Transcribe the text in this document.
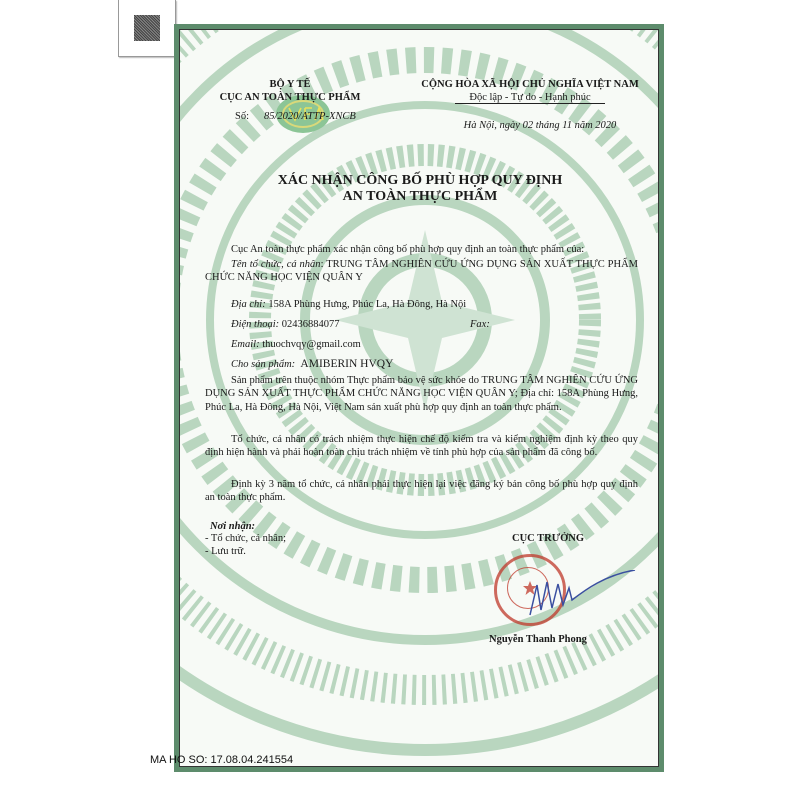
BỘ Y TẾ
CỤC AN TOÀN THỰC PHẨM
Số: 85/2020/ATTP-XNCB
CỘNG HÒA XÃ HỘI CHỦ NGHĨA VIỆT NAM
Độc lập - Tự do - Hạnh phúc
Hà Nội, ngày 02 tháng 11 năm 2020
XÁC NHẬN CÔNG BỐ PHÙ HỢP QUY ĐỊNH
AN TOÀN THỰC PHẨM
Cục An toàn thực phẩm xác nhận công bố phù hợp quy định an toàn thực phẩm của:
Tên tổ chức, cá nhân: TRUNG TÂM NGHIÊN CỨU ỨNG DỤNG SẢN XUẤT THỰC PHẨM CHỨC NĂNG HỌC VIỆN QUÂN Y
Địa chỉ: 158A Phùng Hưng, Phúc La, Hà Đông, Hà Nội
Điện thoại: 02436884077	Fax:
Email: thuochvqy@gmail.com
Cho sản phẩm: AMIBERIN HVQY
Sản phẩm trên thuộc nhóm Thực phẩm bảo vệ sức khỏe do TRUNG TÂM NGHIÊN CỨU ỨNG DỤNG SẢN XUẤT THỰC PHẨM CHỨC NĂNG HỌC VIỆN QUÂN Y; Địa chỉ: 158A Phùng Hưng, Phúc La, Hà Đông, Hà Nội, Việt Nam sản xuất phù hợp quy định an toàn thực phẩm.
Tổ chức, cá nhân có trách nhiệm thực hiện chế độ kiểm tra và kiểm nghiệm định kỳ theo quy định hiện hành và phải hoàn toàn chịu trách nhiệm về tính phù hợp của sản phẩm đã công bố.
Định kỳ 3 năm tổ chức, cá nhân phải thực hiện lại việc đăng ký bản công bố phù hợp quy định an toàn thực phẩm.
Nơi nhận:
- Tổ chức, cá nhân;
- Lưu trữ.
CỤC TRƯỞNG
Nguyễn Thanh Phong
MA HO SO: 17.08.04.241554
